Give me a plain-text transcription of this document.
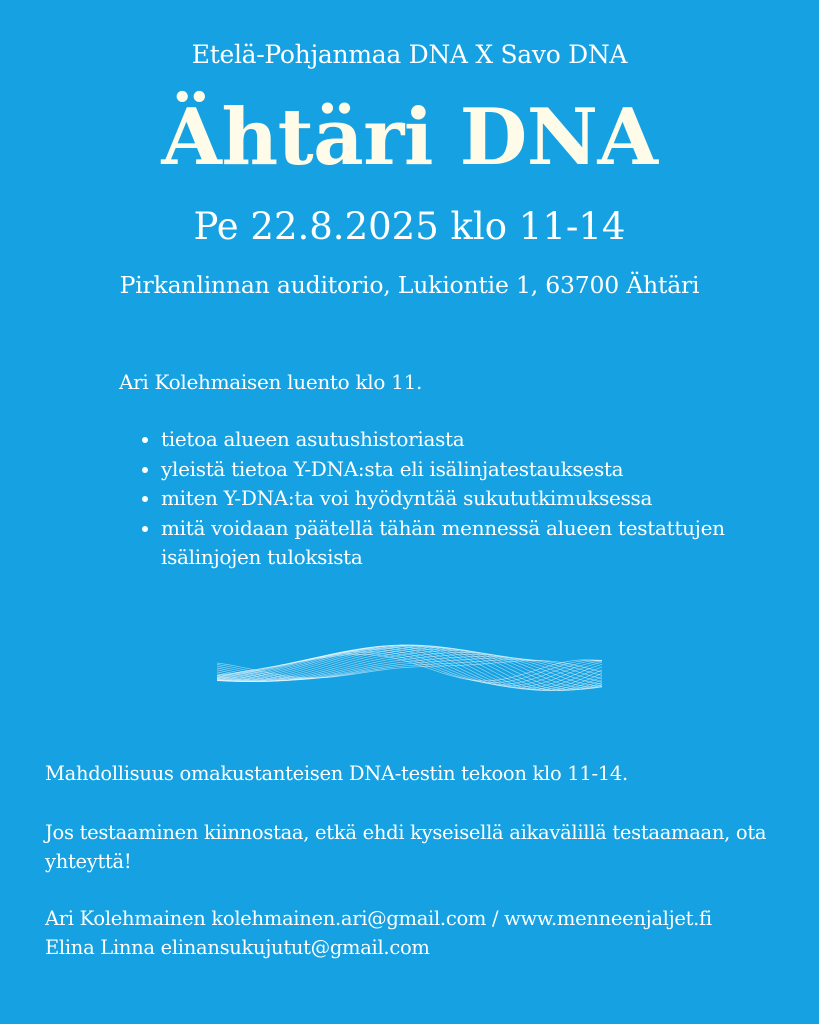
Etelä-Pohjanmaa DNA X Savo DNA
Ähtäri DNA
Pe 22.8.2025 klo 11-14
Pirkanlinnan auditorio, Lukiontie 1, 63700 Ähtäri
Ari Kolehmaisen luento klo 11.
• tietoa alueen asutushistoriasta
• yleistä tietoa Y-DNA:sta eli isälinjatestauksesta
• miten Y-DNA:ta voi hyödyntää sukututkimuksessa
• mitä voidaan päätellä tähän mennessä alueen testattujen isälinjojen tuloksista
Mahdollisuus omakustanteisen DNA-testin tekoon klo 11-14.
Jos testaaminen kiinnostaa, etkä ehdi kyseisellä aikavälillä testaamaan, ota yhteyttä!
Ari Kolehmainen kolehmainen.ari@gmail.com / www.menneenjaljet.fi
Elina Linna elinansukujutut@gmail.com
